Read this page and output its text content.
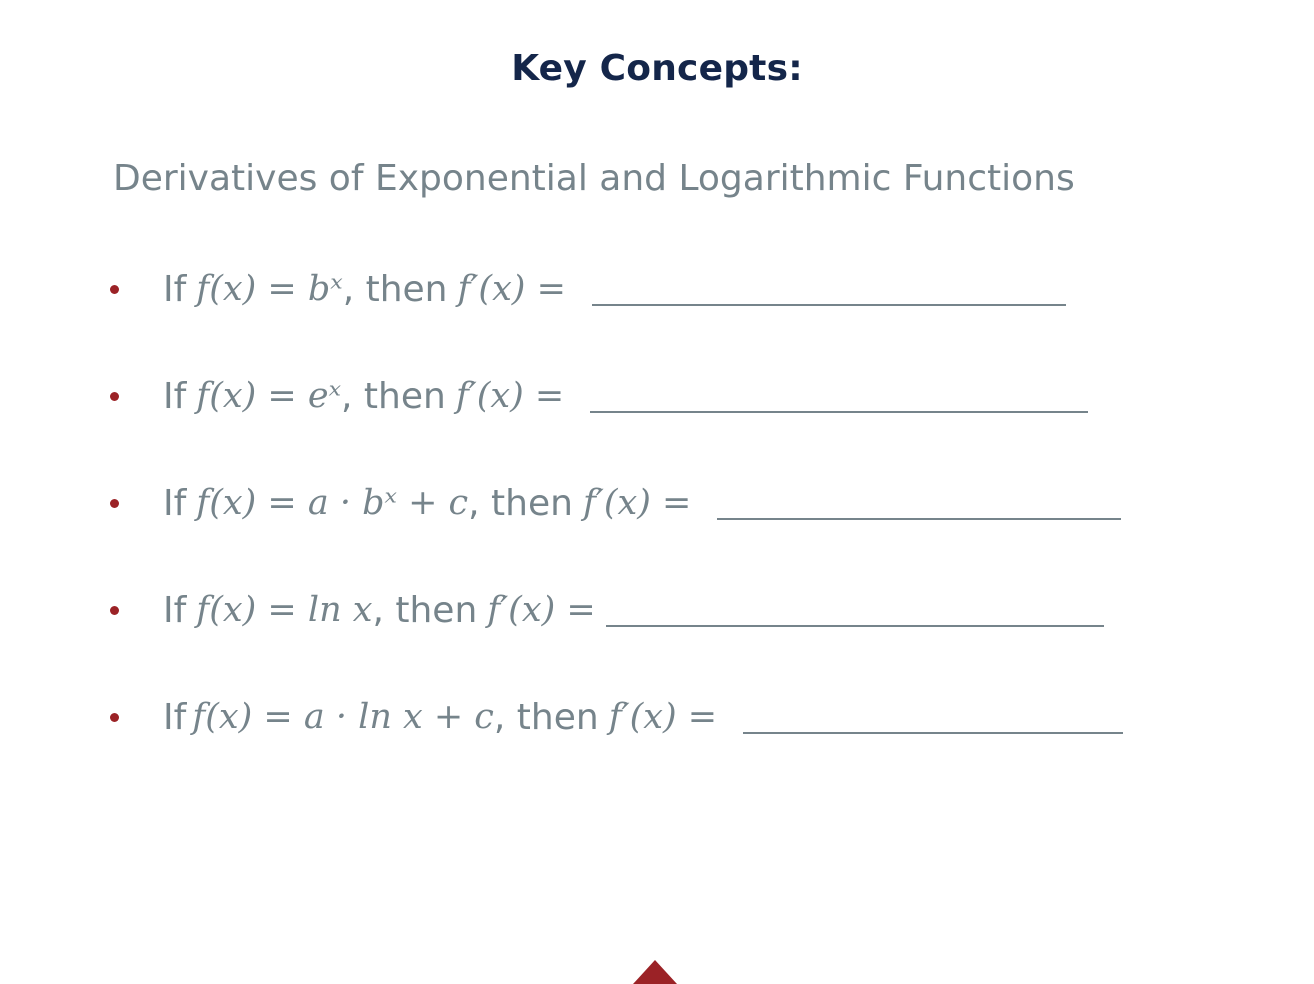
Key Concepts:
Derivatives of Exponential and Logarithmic Functions
If f(x) = bˣ , then f′(x) =
If f(x) = eˣ , then f′(x) =
If f(x) = a · bˣ + c , then f′(x) =
If f(x) = ln x , then f′(x) =
If f(x) = a · ln x + c , then f′(x) =
